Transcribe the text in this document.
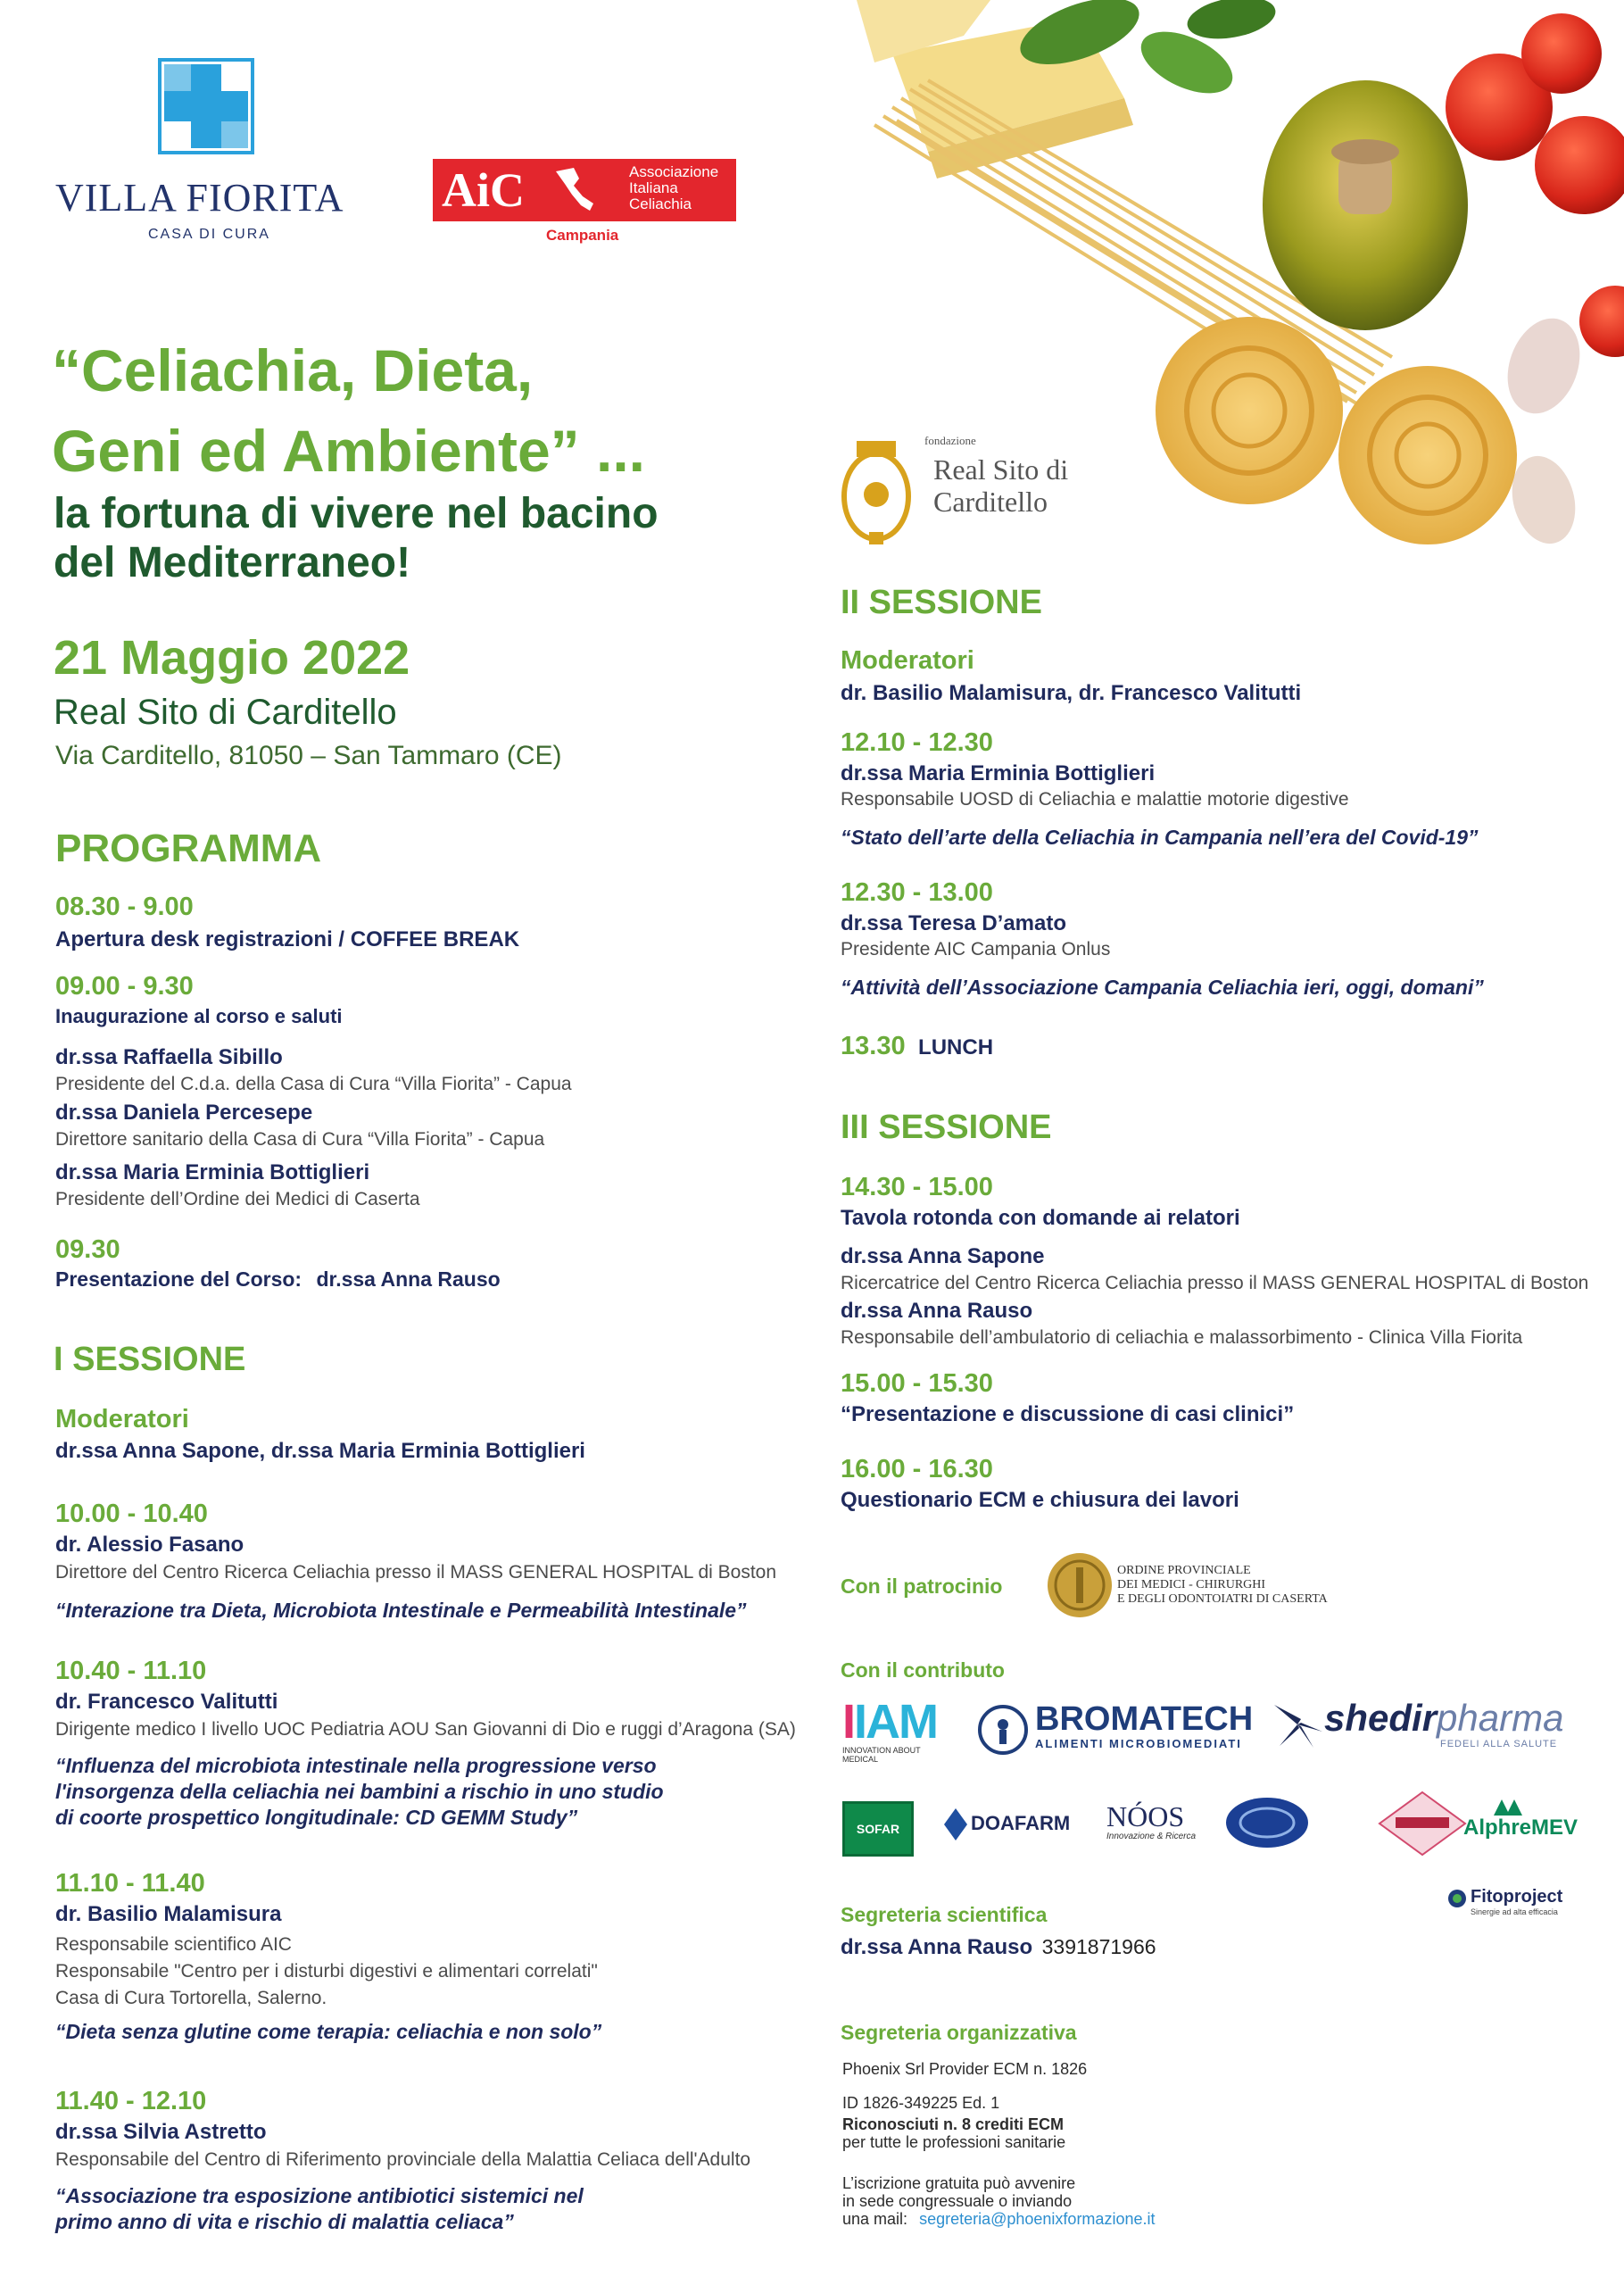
VILLA FIORITA
CASA DI CURA
AiC	Associazione
Italiana
Celiachia
Campania
fondazione
Real Sito di
Carditello
“Celiachia, Dieta,
Geni ed Ambiente” ...
la fortuna di vivere nel bacino
del Mediterraneo!
21 Maggio 2022
Real Sito di Carditello
Via Carditello, 81050 – San Tammaro (CE)
PROGRAMMA
08.30 - 9.00
Apertura desk registrazioni / COFFEE BREAK
09.00 - 9.30
Inaugurazione al corso e saluti
dr.ssa Raffaella Sibillo
Presidente del C.d.a. della Casa di Cura “Villa Fiorita” - Capua
dr.ssa Daniela Percesepe
Direttore sanitario della Casa di Cura “Villa Fiorita” - Capua
dr.ssa Maria Erminia Bottiglieri
Presidente dell’Ordine dei Medici di Caserta
09.30
Presentazione del Corso: dr.ssa Anna Rauso
I SESSIONE
Moderatori
dr.ssa Anna Sapone, dr.ssa Maria Erminia Bottiglieri
10.00 - 10.40
dr. Alessio Fasano
Direttore del Centro Ricerca Celiachia presso il MASS GENERAL HOSPITAL di Boston
“Interazione tra Dieta, Microbiota Intestinale e Permeabilità Intestinale”
10.40 - 11.10
dr. Francesco Valitutti
Dirigente medico I livello UOC Pediatria AOU San Giovanni di Dio e ruggi d’Aragona (SA)
“Influenza del microbiota intestinale nella progressione verso
l'insorgenza della celiachia nei bambini a rischio in uno studio
di coorte prospettico longitudinale: CD GEMM Study”
11.10 - 11.40
dr. Basilio Malamisura
Responsabile scientifico AIC
Responsabile "Centro per i disturbi digestivi e alimentari correlati"
Casa di Cura Tortorella, Salerno.
“Dieta senza glutine come terapia: celiachia e non solo”
11.40 - 12.10
dr.ssa Silvia Astretto
Responsabile del Centro di Riferimento provinciale della Malattia Celiaca dell'Adulto
“Associazione tra esposizione antibiotici sistemici nel
primo anno di vita e rischio di malattia celiaca”
II SESSIONE
Moderatori
dr. Basilio Malamisura, dr. Francesco Valitutti
12.10 - 12.30
dr.ssa Maria Erminia Bottiglieri
Responsabile UOSD di Celiachia e malattie motorie digestive
“Stato dell’arte della Celiachia in Campania nell’era del Covid-19”
12.30 - 13.00
dr.ssa Teresa D’amato
Presidente AIC Campania Onlus
“Attività dell’Associazione Campania Celiachia ieri, oggi, domani”
13.30 LUNCH
III SESSIONE
14.30 - 15.00
Tavola rotonda con domande ai relatori
dr.ssa Anna Sapone
Ricercatrice del Centro Ricerca Celiachia presso il MASS GENERAL HOSPITAL di Boston
dr.ssa Anna Rauso
Responsabile dell’ambulatorio di celiachia e malassorbimento - Clinica Villa Fiorita
15.00 - 15.30
“Presentazione e discussione di casi clinici”
16.00 - 16.30
Questionario ECM e chiusura dei lavori
Con il patrocinio
ORDINE PROVINCIALE
DEI MEDICI - CHIRURGHI
E DEGLI ODONTOIATRI DI CASERTA
Con il contributo
IIAM
INNOVATION ABOUT MEDICAL
BROMATECH
ALIMENTI MICROBIOMEDIATI
shedirpharma
FEDELI ALLA SALUTE
SOFAR	DOAFARM NÓOS
Innovazione & Ricerca	AlphreMEV
Fitoproject
Sinergie ad alta efficacia
Segreteria scientifica
dr.ssa Anna Rauso 3391871966
Segreteria organizzativa
Phoenix Srl Provider ECM n. 1826
ID 1826-349225 Ed. 1
Riconosciuti n. 8 crediti ECM
per tutte le professioni sanitarie
L’iscrizione gratuita può avvenire
in sede congressuale o inviando
una mail: segreteria@phoenixformazione.it
